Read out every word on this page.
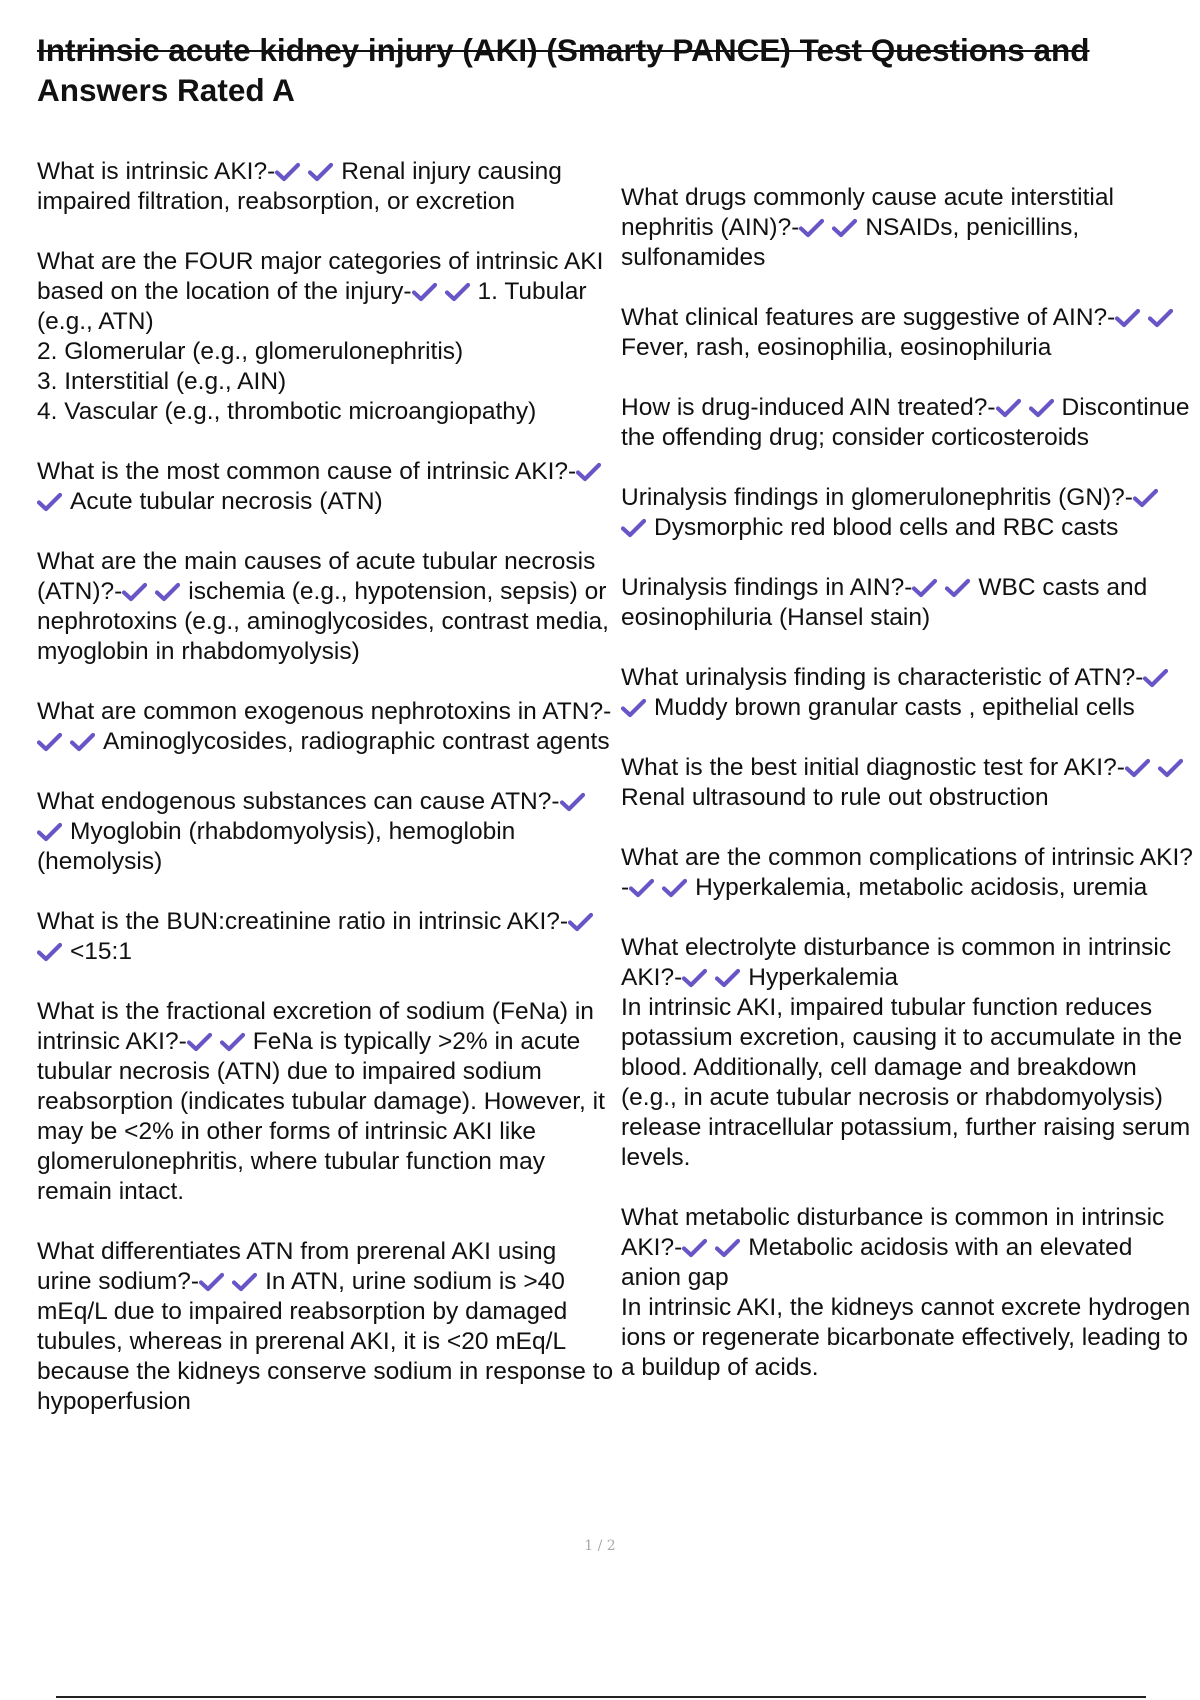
Intrinsic acute kidney injury (AKI) (Smarty PANCE) Test Questions and
Answers Rated A
What is intrinsic AKI?-	Renal injury causing impaired filtration, reabsorption, or excretion
What are the FOUR major categories of intrinsic AKI based on the location of the injury-	1. Tubular (e.g., ATN)
2. Glomerular (e.g., glomerulonephritis)
3. Interstitial (e.g., AIN)
4. Vascular (e.g., thrombotic microangiopathy)
What is the most common cause of intrinsic AKI?-
Acute tubular necrosis (ATN)
What are the main causes of acute tubular necrosis (ATN)?-	ischemia (e.g., hypotension, sepsis) or nephrotoxins (e.g., aminoglycosides, contrast media, myoglobin in rhabdomyolysis)
What are common exogenous nephrotoxins in ATN?-
Aminoglycosides, radiographic contrast agents
What endogenous substances can cause ATN?-
Myoglobin (rhabdomyolysis), hemoglobin (hemolysis)
What is the BUN:creatinine ratio in intrinsic AKI?-
<15:1
What is the fractional excretion of sodium (FeNa) in intrinsic AKI?-	FeNa is typically >2% in acute tubular necrosis (ATN) due to impaired sodium reabsorption (indicates tubular damage). However, it may be <2% in other forms of intrinsic AKI like glomerulonephritis, where tubular function may remain intact.
What differentiates ATN from prerenal AKI using urine sodium?-	In ATN, urine sodium is >40 mEq/L due to impaired reabsorption by damaged tubules, whereas in prerenal AKI, it is <20 mEq/L because the kidneys conserve sodium in response to hypoperfusion
What drugs commonly cause acute interstitial nephritis (AIN)?-	NSAIDs, penicillins, sulfonamides
What clinical features are suggestive of AIN?-
Fever, rash, eosinophilia, eosinophiluria
How is drug-induced AIN treated?-	Discontinue the offending drug; consider corticosteroids
Urinalysis findings in glomerulonephritis (GN)?-
Dysmorphic red blood cells and RBC casts
Urinalysis findings in AIN?-	WBC casts and eosinophiluria (Hansel stain)
What urinalysis finding is characteristic of ATN?-
Muddy brown granular casts , epithelial cells
What is the best initial diagnostic test for AKI?-
Renal ultrasound to rule out obstruction
What are the common complications of intrinsic AKI?-	Hyperkalemia, metabolic acidosis, uremia
What electrolyte disturbance is common in intrinsic AKI?-	Hyperkalemia
In intrinsic AKI, impaired tubular function reduces potassium excretion, causing it to accumulate in the blood. Additionally, cell damage and breakdown (e.g., in acute tubular necrosis or rhabdomyolysis) release intracellular potassium, further raising serum levels.
What metabolic disturbance is common in intrinsic AKI?-	Metabolic acidosis with an elevated anion gap
In intrinsic AKI, the kidneys cannot excrete hydrogen ions or regenerate bicarbonate effectively, leading to a buildup of acids.

1 / 2
